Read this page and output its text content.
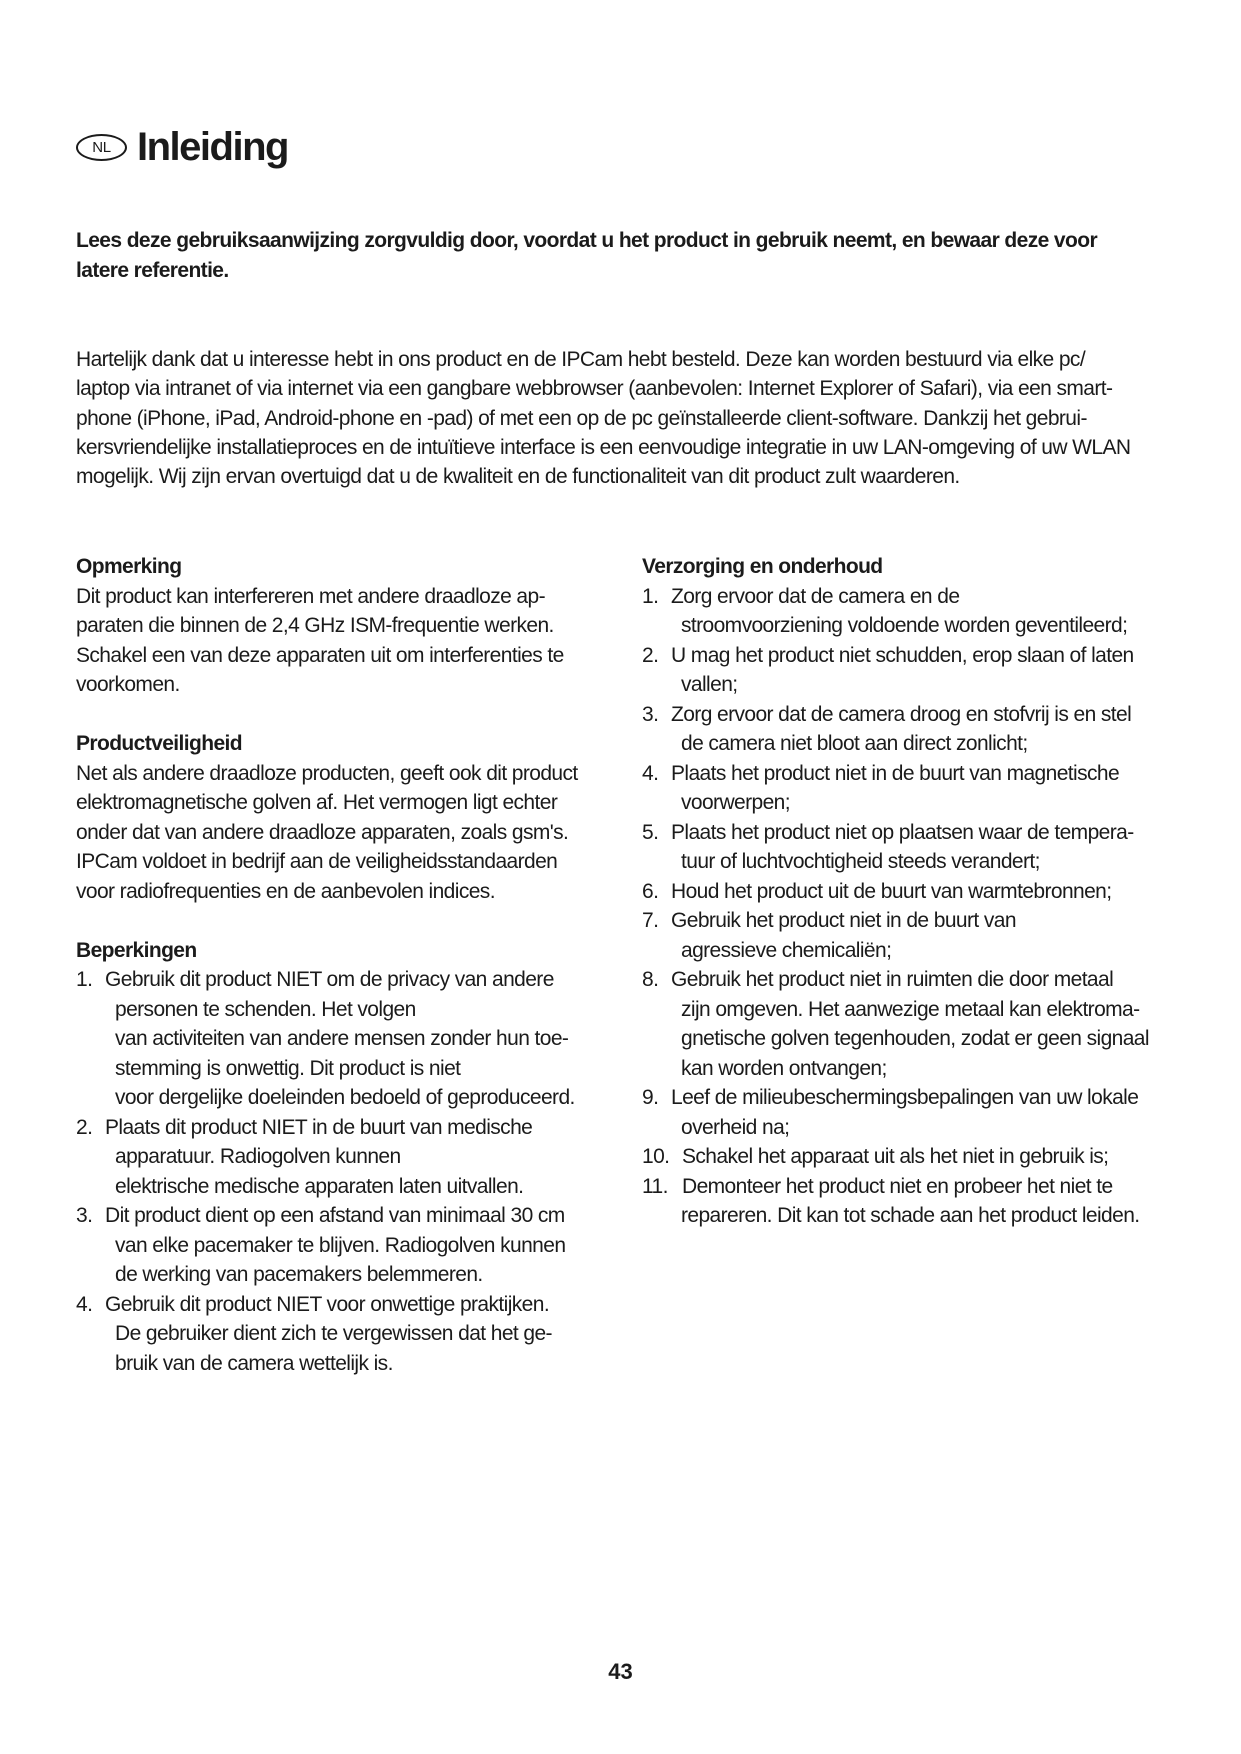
NL Inleiding
Lees deze gebruiksaanwijzing zorgvuldig door, voordat u het product in gebruik neemt, en bewaar deze voor
latere referentie.
Hartelijk dank dat u interesse hebt in ons product en de IPCam hebt besteld. Deze kan worden bestuurd via elke pc/
laptop via intranet of via internet via een gangbare webbrowser (aanbevolen: Internet Explorer of Safari), via een smart-
phone (iPhone, iPad, Android-phone en -pad) of met een op de pc geïnstalleerde client-software. Dankzij het gebrui-
kersvriendelijke installatieproces en de intuïtieve interface is een eenvoudige integratie in uw LAN-omgeving of uw WLAN
mogelijk. Wij zijn ervan overtuigd dat u de kwaliteit en de functionaliteit van dit product zult waarderen.
Opmerking
Dit product kan interfereren met andere draadloze ap-
paraten die binnen de 2,4 GHz ISM-frequentie werken.
Schakel een van deze apparaten uit om interferenties te
voorkomen.
Productveiligheid
Net als andere draadloze producten, geeft ook dit product
elektromagnetische golven af. Het vermogen ligt echter
onder dat van andere draadloze apparaten, zoals gsm's.
IPCam voldoet in bedrijf aan de veiligheidsstandaarden
voor radiofrequenties en de aanbevolen indices.
Beperkingen
1. Gebruik dit product NIET om de privacy van andere
personen te schenden. Het volgen
van activiteiten van andere mensen zonder hun toe-
stemming is onwettig. Dit product is niet
voor dergelijke doeleinden bedoeld of geproduceerd.
2. Plaats dit product NIET in de buurt van medische
apparatuur. Radiogolven kunnen
elektrische medische apparaten laten uitvallen.
3. Dit product dient op een afstand van minimaal 30 cm
van elke pacemaker te blijven. Radiogolven kunnen
de werking van pacemakers belemmeren.
4. Gebruik dit product NIET voor onwettige praktijken.
De gebruiker dient zich te vergewissen dat het ge-
bruik van de camera wettelijk is.
Verzorging en onderhoud
1. Zorg ervoor dat de camera en de
stroomvoorziening voldoende worden geventileerd;
2. U mag het product niet schudden, erop slaan of laten
vallen;
3. Zorg ervoor dat de camera droog en stofvrij is en stel
de camera niet bloot aan direct zonlicht;
4. Plaats het product niet in de buurt van magnetische
voorwerpen;
5. Plaats het product niet op plaatsen waar de tempera-
tuur of luchtvochtigheid steeds verandert;
6. Houd het product uit de buurt van warmtebronnen;
7. Gebruik het product niet in de buurt van
agressieve chemicaliën;
8. Gebruik het product niet in ruimten die door metaal
zijn omgeven. Het aanwezige metaal kan elektroma-
gnetische golven tegenhouden, zodat er geen signaal
kan worden ontvangen;
9. Leef de milieubeschermingsbepalingen van uw lokale
overheid na;
10. Schakel het apparaat uit als het niet in gebruik is;
11. Demonteer het product niet en probeer het niet te
repareren. Dit kan tot schade aan het product leiden.
43
